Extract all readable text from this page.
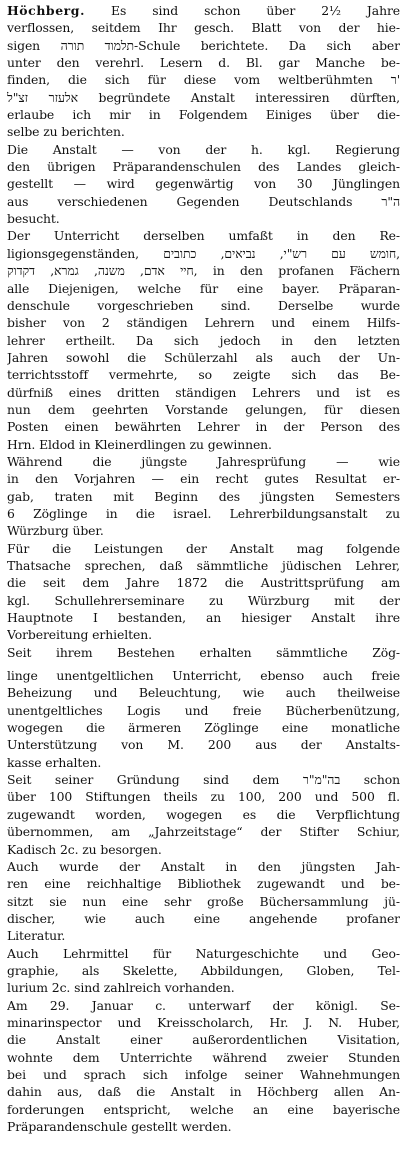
Höchberg. Es sind schon über 2½ Jahre
verflossen, seitdem Ihr gesch. Blatt von der hie-
sigen תלמוד תורה-Schule berichtete. Da sich aber
unter den verehrl. Lesern d. Bl. gar Manche be-
finden, die sich für diese vom weltberühmten ר'
אלעזר זצ"ל begründete Anstalt interessiren dürften,
erlaube ich mir in Folgendem Einiges über die-
selbe zu berichten.
Die Anstalt — von der h. kgl. Regierung
den übrigen Präparandenschulen des Landes gleich-
gestellt — wird gegenwärtig von 30 Jünglingen
aus verschiedenen Gegenden Deutschlands ה"ר
besucht.
Der Unterricht derselben umfaßt in den Re-
ligionsgegenständen, חומש עם רש"י, נביאים, כתובים,
חיי אדם, משנה, גמרא, דקדוק, in den profanen Fächern
alle Diejenigen, welche für eine bayer. Präparan-
denschule vorgeschrieben sind. Derselbe wurde
bisher von 2 ständigen Lehrern und einem Hilfs-
lehrer ertheilt. Da sich jedoch in den letzten
Jahren sowohl die Schülerzahl als auch der Un-
terrichtsstoff vermehrte, so zeigte sich das Be-
dürfniß eines dritten ständigen Lehrers und ist es
nun dem geehrten Vorstande gelungen, für diesen
Posten einen bewährten Lehrer in der Person des
Hrn. Eldod in Kleinerdlingen zu gewinnen.
Während die jüngste Jahresprüfung — wie
in den Vorjahren — ein recht gutes Resultat er-
gab, traten mit Beginn des jüngsten Semesters
6 Zöglinge in die israel. Lehrerbildungsanstalt zu
Würzburg über.
Für die Leistungen der Anstalt mag folgende
Thatsache sprechen, daß sämmtliche jüdischen Lehrer,
die seit dem Jahre 1872 die Austrittsprüfung am
kgl. Schullehrerseminare zu Würzburg mit der
Hauptnote I bestanden, an hiesiger Anstalt ihre
Vorbereitung erhielten.
Seit ihrem Bestehen erhalten sämmtliche Zög-
linge unentgeltlichen Unterricht, ebenso auch freie
Beheizung und Beleuchtung, wie auch theilweise
unentgeltliches Logis und freie Bücherbenützung,
wogegen die ärmeren Zöglinge eine monatliche
Unterstützung von M. 200 aus der Anstalts-
kasse erhalten.
Seit seiner Gründung sind dem בה"מ"ר schon
über 100 Stiftungen theils zu 100, 200 und 500 fl.
zugewandt worden, wogegen es die Verpflichtung
übernommen, am „Jahrzeitstage“ der Stifter Schiur,
Kadisch 2c. zu besorgen.
Auch wurde der Anstalt in den jüngsten Jah-
ren eine reichhaltige Bibliothek zugewandt und be-
sitzt sie nun eine sehr große Büchersammlung jü-
discher, wie auch eine angehende profaner
Literatur.
Auch Lehrmittel für Naturgeschichte und Geo-
graphie, als Skelette, Abbildungen, Globen, Tel-
lurium 2c. sind zahlreich vorhanden.
Am 29. Januar c. unterwarf der königl. Se-
minarinspector und Kreisscholarch, Hr. J. N. Huber,
die Anstalt einer außerordentlichen Visitation,
wohnte dem Unterrichte während zweier Stunden
bei und sprach sich infolge seiner Wahnehmungen
dahin aus, daß die Anstalt in Höchberg allen An-
forderungen entspricht, welche an eine bayerische
Präparandenschule gestellt werden.
